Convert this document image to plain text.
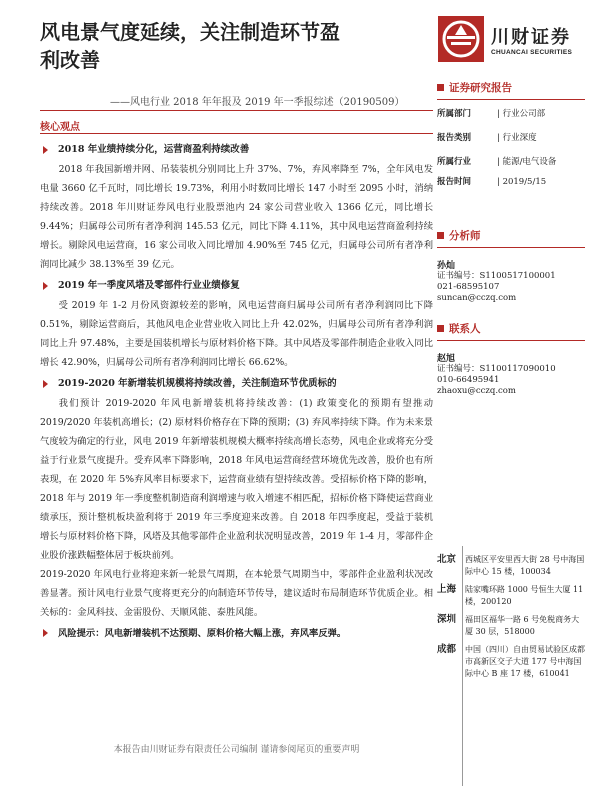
风电景气度延续，关注制造环节盈
利改善
——风电行业 2018 年年报及 2019 年一季报综述（20190509）
川财证券
CHUANCAI SECURITIES
核心观点
2018 年业绩持续分化，运营商盈利持续改善
2018 年我国新增并网、吊装装机分别同比上升 37%、7%，弃风率降至 7%，全年风电发电量 3660 亿千瓦时，同比增长 19.73%，利用小时数同比增长 147 小时至 2095 小时，消纳持续改善。2018 年川财证券风电行业股票池内 24 家公司营业收入 1366 亿元，同比增长 9.44%；归属母公司所有者净利润 145.53 亿元，同比下降 4.11%，其中风电运营商盈利持续增长。剔除风电运营商，16 家公司收入同比增加 4.90%至 745 亿元，归属母公司所有者净利润同比减少 38.13%至 39 亿元。
2019 年一季度风塔及零部件行业业绩修复
受 2019 年 1-2 月份风资源较差的影响，风电运营商归属母公司所有者净利润同比下降 0.51%，剔除运营商后，其他风电企业营业收入同比上升 42.02%，归属母公司所有者净利润同比上升 97.48%，主要是国装机增长与原材料价格下降。其中风塔及零部件制造企业收入同比增长 42.90%，归属母公司所有者净利润同比增长 66.62%。
2019-2020 年新增装机规模将持续改善，关注制造环节优质标的
我们预计 2019-2020 年风电新增装机将持续改善：(1) 政策变化的预期有望推动 2019/2020 年装机高增长；(2) 原材料价格存在下降的预期；(3) 弃风率持续下降。作为未来景气度较为确定的行业，风电 2019 年新增装机规模大概率持续高增长态势，风电企业或将充分受益于行业景气度提升。受弃风率下降影响，2018 年风电运营商经营环境优先改善，股价也有所表现，在 2020 年 5%弃风率目标要求下，运营商业绩有望持续改善。受招标价格下降的影响，2018 年与 2019 年一季度整机制造商利润增速与收入增速不相匹配，招标价格下降使运营商业绩承压，预计整机板块盈利将于 2019 年三季度迎来改善。自 2018 年四季度起，受益于装机增长与原材料价格下降，风塔及其他零部件企业盈利状况明显改善，2019 年 1-4 月，零部件企业股价涨跌幅整体居于板块前列。
2019-2020 年风电行业将迎来新一轮景气周期，在本轮景气周期当中，零部件企业盈利状况改善显著。预计风电行业景气度将更充分的向制造环节传导，建议适时布局制造环节优质企业。相关标的：金风科技、金雷股份、天顺风能、泰胜风能。
风险提示： 风电新增装机不达预期、原料价格大幅上涨，弃风率反弹。
本报告由川财证券有限责任公司编制 谨请参阅尾页的重要声明
证券研究报告
所属部门	| 行业公司部
报告类别	| 行业深度
所属行业	| 能源/电气设备
报告时间	| 2019/5/15
分析师
孙灿
证书编号：S1100517100001
021-68595107
suncan@cczq.com
联系人
赵旭
证书编号：S1100117090010
010-66495941
zhaoxu@cczq.com
北京	西城区平安里西大街 28 号中海国际中心 15 楼，100034
上海	陆家嘴环路 1000 号恒生大厦 11 楼，200120
深圳	福田区福华一路 6 号免税商务大厦 30 层，518000
成都	中国（四川）自由贸易试验区成都市高新区交子大道 177 号中海国际中心 B 座 17 楼，610041
